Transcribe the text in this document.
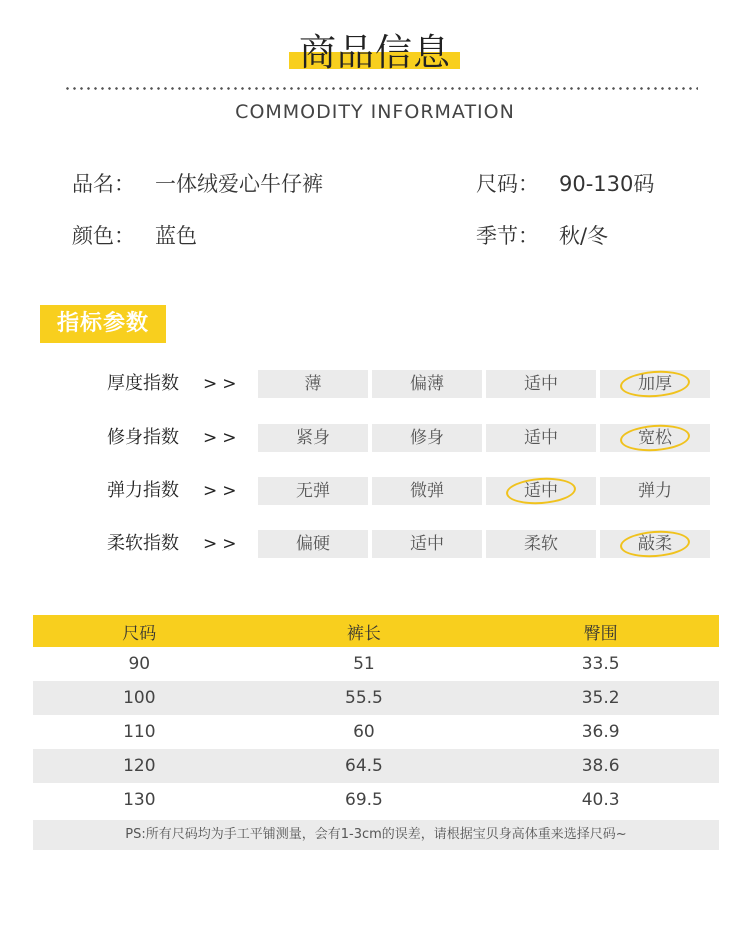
商品信息
COMMODITY INFORMATION
品名： 一体绒爱心牛仔裤	尺码： 90-130码
颜色： 蓝色	季节： 秋/冬
指标参数
厚度指数 >>	薄	偏薄	适中	加厚
修身指数 >>	紧身	修身	适中	宽松
弹力指数 >>	无弹	微弹	适中	弹力
柔软指数 >>	偏硬	适中	柔软	敲柔
尺码	裤长	臀围
90	51	33.5
100	55.5	35.2
110	60	36.9
120	64.5	38.6
130	69.5	40.3
PS:所有尺码均为手工平铺测量，会有1-3cm的误差，请根据宝贝身高体重来选择尺码~
